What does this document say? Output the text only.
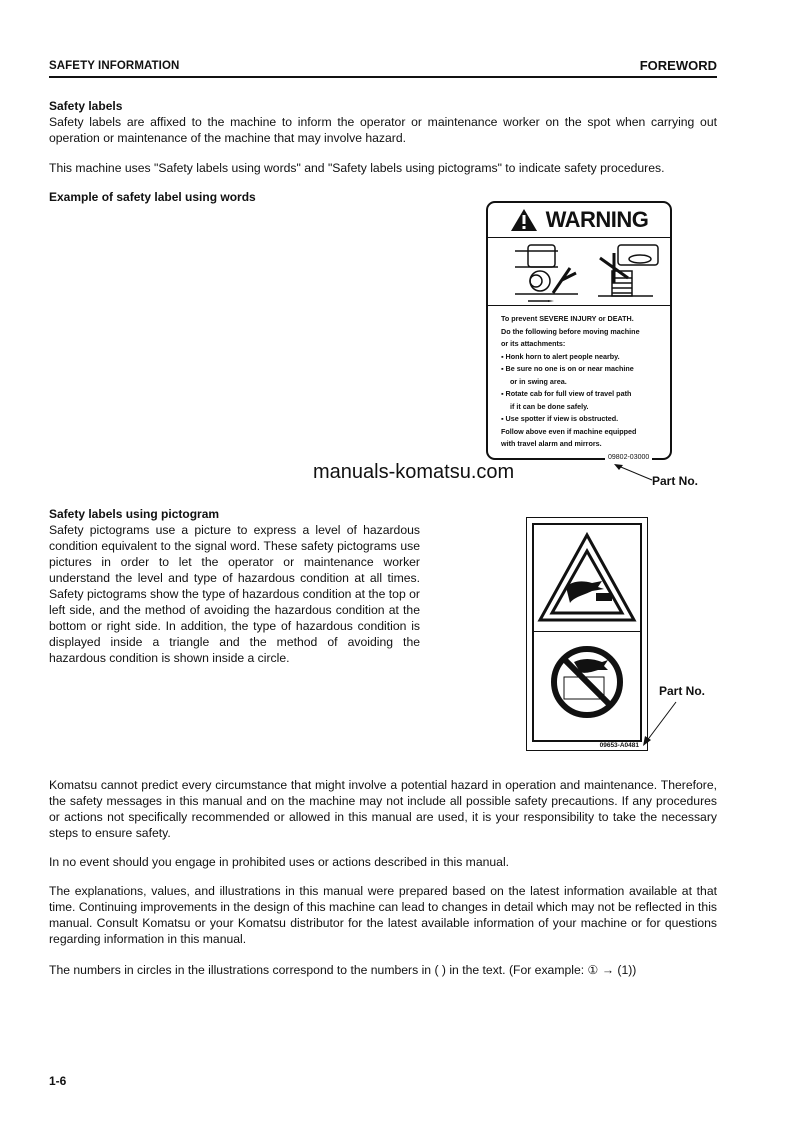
SAFETY INFORMATION	FOREWORD
Safety labels
Safety labels are affixed to the machine to inform the operator or maintenance worker on the spot when carrying out operation or maintenance of the machine that may involve hazard.
This machine uses "Safety labels using words" and "Safety labels using pictograms" to indicate safety procedures.
Example of safety label using words
WARNING
To prevent SEVERE INJURY or DEATH.
Do the following before moving machine
or its attachments:
▪ Honk horn to alert people nearby.
▪ Be sure no one is on or near machine
or in swing area.
▪ Rotate cab for full view of travel path
if it can be done safely.
▪ Use spotter if view is obstructed.
Follow above even if machine equipped
with travel alarm and mirrors.
09802-03000
Part No.
manuals-komatsu.com
Safety labels using pictogram
Safety pictograms use a picture to express a level of hazardous condition equivalent to the signal word. These safety pictograms use pictures in order to let the operator or maintenance worker understand the level and type of hazardous condition at all times. Safety pictograms show the type of hazardous condition at the top or left side, and the method of avoiding the hazardous condition at the bottom or right side. In addition, the type of hazardous condition is displayed inside a triangle and the method of avoiding the hazardous condition is shown inside a circle.
09653-A0481
Part No.
Komatsu cannot predict every circumstance that might involve a potential hazard in operation and maintenance. Therefore, the safety messages in this manual and on the machine may not include all possible safety precautions. If any procedures or actions not specifically recommended or allowed in this manual are used, it is your responsibility to take the necessary steps to ensure safety.
In no event should you engage in prohibited uses or actions described in this manual.
The explanations, values, and illustrations in this manual were prepared based on the latest information available at that time. Continuing improvements in the design of this machine can lead to changes in detail which may not be reflected in this manual. Consult Komatsu or your Komatsu distributor for the latest available information of your machine or for questions regarding information in this manual.
The numbers in circles in the illustrations correspond to the numbers in ( ) in the text. (For example: ① → (1))
1-6
